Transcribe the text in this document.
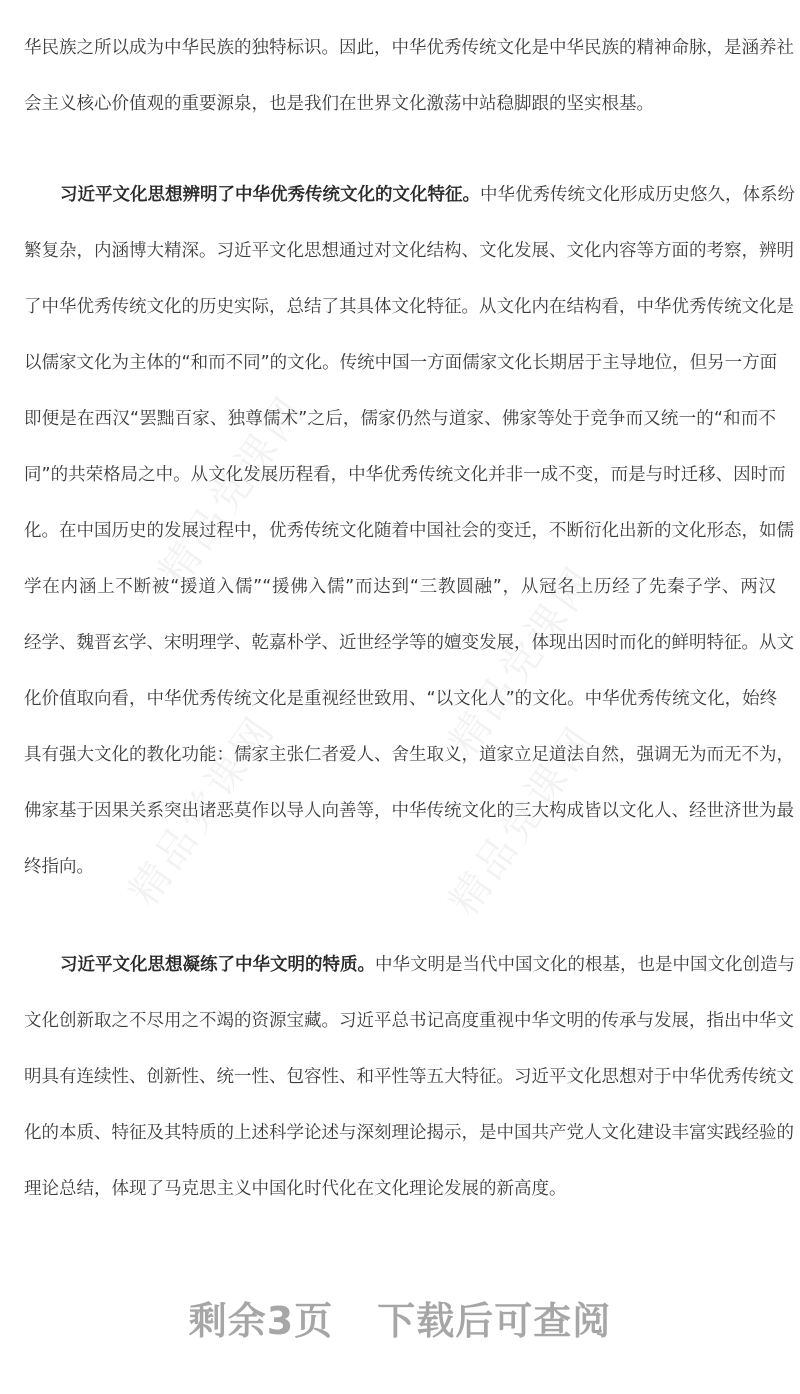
精品党课网
精品党课网
精品党课网	精品党课网
华民族之所以成为中华民族的独特标识。因此，中华优秀传统文化是中华民族的精神命脉，是涵养社
会主义核心价值观的重要源泉，也是我们在世界文化激荡中站稳脚跟的坚实根基。
习近平文化思想辨明了中华优秀传统文化的文化特征。中华优秀传统文化形成历史悠久，体系纷
繁复杂，内涵博大精深。习近平文化思想通过对文化结构、文化发展、文化内容等方面的考察，辨明
了中华优秀传统文化的历史实际，总结了其具体文化特征。从文化内在结构看，中华优秀传统文化是
以儒家文化为主体的“和而不同”的文化。传统中国一方面儒家文化长期居于主导地位，但另一方面
即便是在西汉“罢黜百家、独尊儒术”之后，儒家仍然与道家、佛家等处于竞争而又统一的“和而不
同”的共荣格局之中。从文化发展历程看，中华优秀传统文化并非一成不变，而是与时迁移、因时而
化。在中国历史的发展过程中，优秀传统文化随着中国社会的变迁，不断衍化出新的文化形态，如儒
学在内涵上不断被“援道入儒”“援佛入儒”而达到“三教圆融”，从冠名上历经了先秦子学、两汉
经学、魏晋玄学、宋明理学、乾嘉朴学、近世经学等的嬗变发展，体现出因时而化的鲜明特征。从文
化价值取向看，中华优秀传统文化是重视经世致用、“以文化人”的文化。中华优秀传统文化，始终
具有强大文化的教化功能：儒家主张仁者爱人、舍生取义，道家立足道法自然，强调无为而无不为，
佛家基于因果关系突出诸恶莫作以导人向善等，中华传统文化的三大构成皆以文化人、经世济世为最
终指向。
习近平文化思想凝练了中华文明的特质。中华文明是当代中国文化的根基，也是中国文化创造与
文化创新取之不尽用之不竭的资源宝藏。习近平总书记高度重视中华文明的传承与发展，指出中华文
明具有连续性、创新性、统一性、包容性、和平性等五大特征。习近平文化思想对于中华优秀传统文
化的本质、特征及其特质的上述科学论述与深刻理论揭示，是中国共产党人文化建设丰富实践经验的
理论总结，体现了马克思主义中国化时代化在文化理论发展的新高度。
剩余3页 下载后可查阅
